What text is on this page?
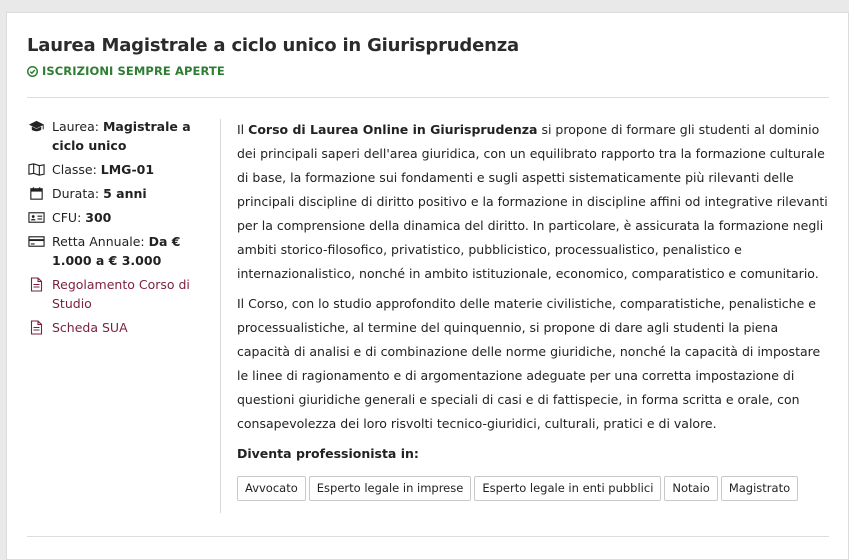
Laurea Magistrale a ciclo unico in Giurisprudenza
ISCRIZIONI SEMPRE APERTE
Laurea: Magistrale a ciclo unico
Classe: LMG-01
Durata: 5 anni
CFU: 300
Retta Annuale: Da € 1.000 a € 3.000
Regolamento Corso di Studio
Scheda SUA

Il Corso di Laurea Online in Giurisprudenza si propone di formare gli studenti al dominio dei principali saperi dell'area giuridica, con un equilibrato rapporto tra la formazione culturale di base, la formazione sui fondamenti e sugli aspetti sistematicamente più rilevanti delle principali discipline di diritto positivo e la formazione in discipline affini od integrative rilevanti per la comprensione della dinamica del diritto. In particolare, è assicurata la formazione negli ambiti storico-filosofico, privatistico, pubblicistico, processualistico, penalistico e internazionalistico, nonché in ambito istituzionale, economico, comparatistico e comunitario.

Il Corso, con lo studio approfondito delle materie civilistiche, comparatistiche, penalistiche e processualistiche, al termine del quinquennio, si propone di dare agli studenti la piena capacità di analisi e di combinazione delle norme giuridiche, nonché la capacità di impostare le linee di ragionamento e di argomentazione adeguate per una corretta impostazione di questioni giuridiche generali e speciali di casi e di fattispecie, in forma scritta e orale, con consapevolezza dei loro risvolti tecnico-giuridici, culturali, pratici e di valore.

Diventa professionista in:
Avvocato	Esperto legale in imprese	Esperto legale in enti pubblici	Notaio	Magistrato
